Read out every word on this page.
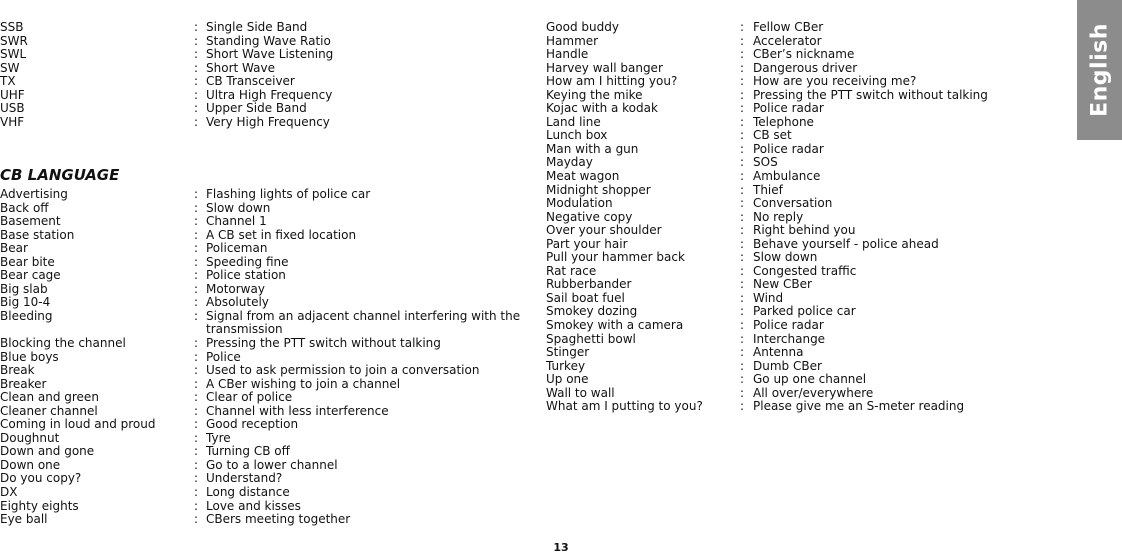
SSB	: Single Side Band
SWR	: Standing Wave Ratio
SWL	: Short Wave Listening
SW	: Short Wave
TX	: CB Transceiver
UHF	: Ultra High Frequency
USB	: Upper Side Band
VHF	: Very High Frequency
CB LANGUAGE
Advertising	: Flashing lights of police car
Back off	: Slow down
Basement	: Channel 1
Base station	: A CB set in fixed location
Bear	: Policeman
Bear bite	: Speeding fine
Bear cage	: Police station
Big slab	: Motorway
Big 10-4	: Absolutely
Bleeding	: Signal from an adjacent channel interfering with the transmission
Blocking the channel	: Pressing the PTT switch without talking
Blue boys	: Police
Break	: Used to ask permission to join a conversation
Breaker	: A CBer wishing to join a channel
Clean and green	: Clear of police
Cleaner channel	: Channel with less interference
Coming in loud and proud	: Good reception
Doughnut	: Tyre
Down and gone	: Turning CB off
Down one	: Go to a lower channel
Do you copy?	: Understand?
DX	: Long distance
Eighty eights	: Love and kisses
Eye ball	: CBers meeting together
Good buddy	: Fellow CBer
Hammer	: Accelerator
Handle	: CBer’s nickname
Harvey wall banger	: Dangerous driver
How am I hitting you?	: How are you receiving me?
Keying the mike	: Pressing the PTT switch without talking
Kojac with a kodak	: Police radar
Land line	: Telephone
Lunch box	: CB set
Man with a gun	: Police radar
Mayday	: SOS
Meat wagon	: Ambulance
Midnight shopper	: Thief
Modulation	: Conversation
Negative copy	: No reply
Over your shoulder	: Right behind you
Part your hair	: Behave yourself - police ahead
Pull your hammer back	: Slow down
Rat race	: Congested traffic
Rubberbander	: New CBer
Sail boat fuel	: Wind
Smokey dozing	: Parked police car
Smokey with a camera	: Police radar
Spaghetti bowl	: Interchange
Stinger	: Antenna
Turkey	: Dumb CBer
Up one	: Go up one channel
Wall to wall	: All over/everywhere
What am I putting to you?	: Please give me an S-meter reading
English
13
